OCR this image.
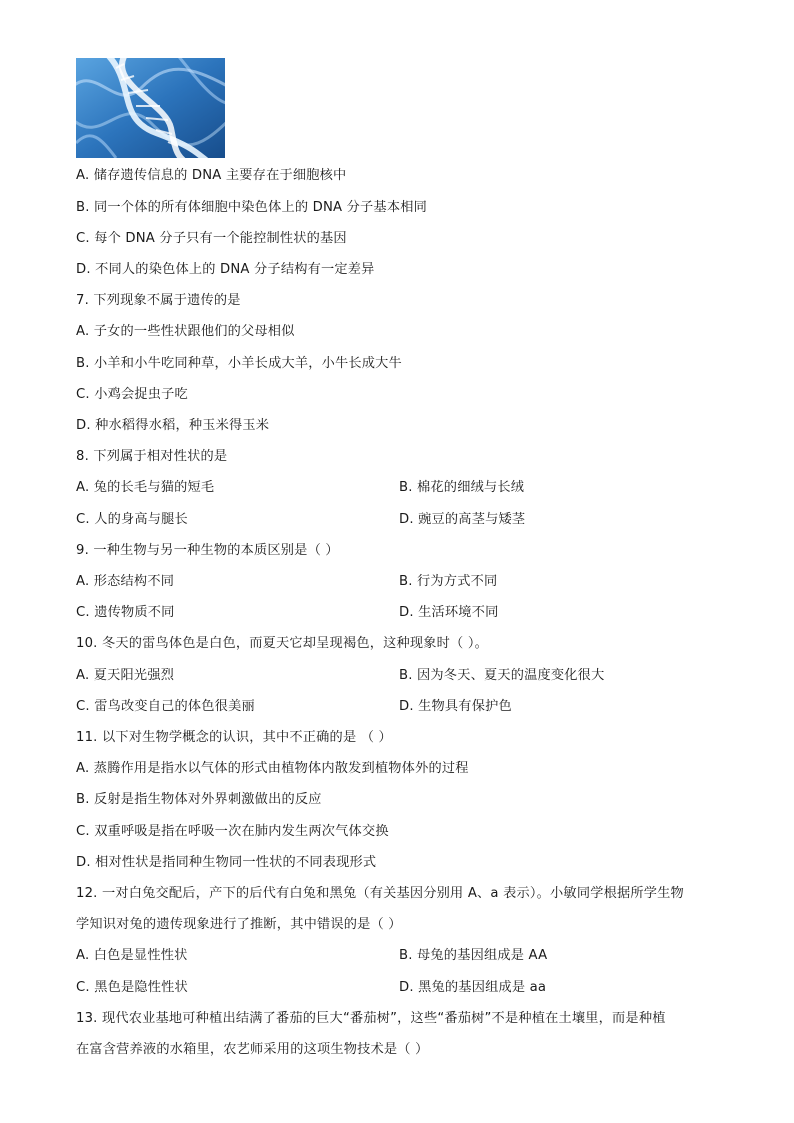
A. 储存遗传信息的 DNA 主要存在于细胞核中
B. 同一个体的所有体细胞中染色体上的 DNA 分子基本相同
C. 每个 DNA 分子只有一个能控制性状的基因
D. 不同人的染色体上的 DNA 分子结构有一定差异
7. 下列现象不属于遗传的是
A. 子女的一些性状跟他们的父母相似
B. 小羊和小牛吃同种草，小羊长成大羊，小牛长成大牛
C. 小鸡会捉虫子吃
D. 种水稻得水稻，种玉米得玉米
8. 下列属于相对性状的是
A. 兔的长毛与猫的短毛	B. 棉花的细绒与长绒
C. 人的身高与腿长	D. 豌豆的高茎与矮茎
9. 一种生物与另一种生物的本质区别是（ ）
A. 形态结构不同	B. 行为方式不同
C. 遗传物质不同	D. 生活环境不同
10. 冬天的雷鸟体色是白色，而夏天它却呈现褐色，这种现象时（ ）。
A. 夏天阳光强烈	B. 因为冬天、夏天的温度变化很大
C. 雷鸟改变自己的体色很美丽	D. 生物具有保护色
11. 以下对生物学概念的认识，其中不正确的是 （ ）
A. 蒸腾作用是指水以气体的形式由植物体内散发到植物体外的过程
B. 反射是指生物体对外界刺激做出的反应
C. 双重呼吸是指在呼吸一次在肺内发生两次气体交换
D. 相对性状是指同种生物同一性状的不同表现形式
12. 一对白兔交配后，产下的后代有白兔和黑兔（有关基因分别用 A、a 表示）。小敏同学根据所学生物
学知识对兔的遗传现象进行了推断，其中错误的是（ ）
A. 白色是显性性状	B. 母兔的基因组成是 AA
C. 黑色是隐性性状	D. 黑兔的基因组成是 aa
13. 现代农业基地可种植出结满了番茄的巨大“番茄树”，这些“番茄树”不是种植在土壤里，而是种植
在富含营养液的水箱里，农艺师采用的这项生物技术是（ ）
